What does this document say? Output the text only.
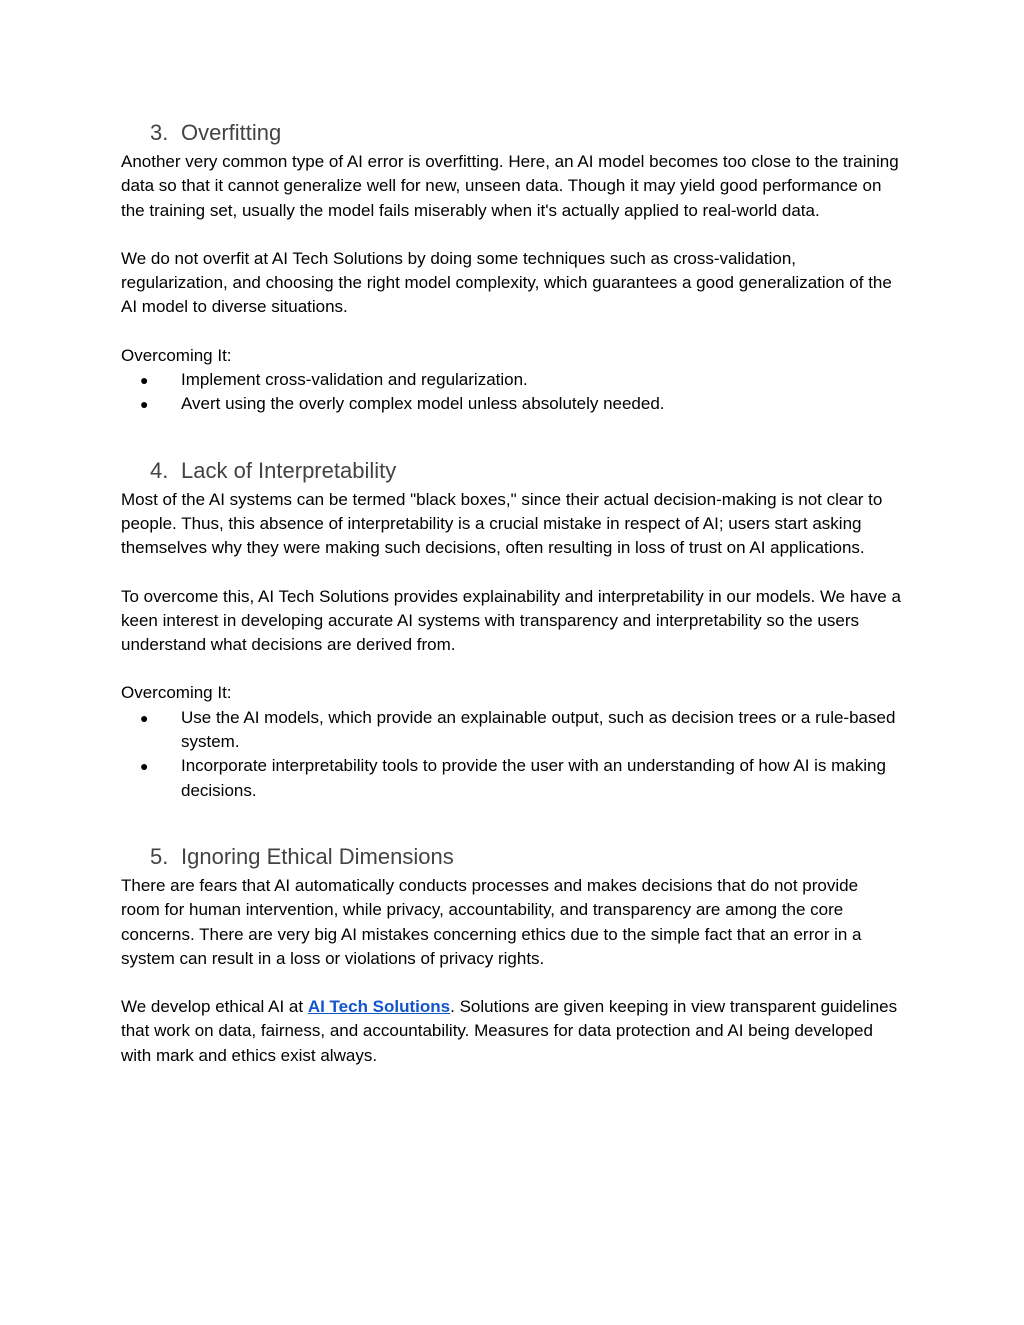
3. Overfitting

Another very common type of AI error is overfitting. Here, an AI model becomes too close to the training data so that it cannot generalize well for new, unseen data. Though it may yield good performance on the training set, usually the model fails miserably when it's actually applied to real-world data.

We do not overfit at AI Tech Solutions by doing some techniques such as cross-validation, regularization, and choosing the right model complexity, which guarantees a good generalization of the AI model to diverse situations.

Overcoming It:

● Implement cross-validation and regularization.
● Avert using the overly complex model unless absolutely needed.
4. Lack of Interpretability

Most of the AI systems can be termed "black boxes," since their actual decision-making is not clear to people. Thus, this absence of interpretability is a crucial mistake in respect of AI; users start asking themselves why they were making such decisions, often resulting in loss of trust on AI applications.

To overcome this, AI Tech Solutions provides explainability and interpretability in our models. We have a keen interest in developing accurate AI systems with transparency and interpretability so the users understand what decisions are derived from.

Overcoming It:

● Use the AI models, which provide an explainable output, such as decision trees or a rule-based system.
● Incorporate interpretability tools to provide the user with an understanding of how AI is making decisions.
5. Ignoring Ethical Dimensions

There are fears that AI automatically conducts processes and makes decisions that do not provide room for human intervention, while privacy, accountability, and transparency are among the core concerns. There are very big AI mistakes concerning ethics due to the simple fact that an error in a system can result in a loss or violations of privacy rights.

We develop ethical AI at AI Tech Solutions. Solutions are given keeping in view transparent guidelines that work on data, fairness, and accountability. Measures for data protection and AI being developed with mark and ethics exist always.
